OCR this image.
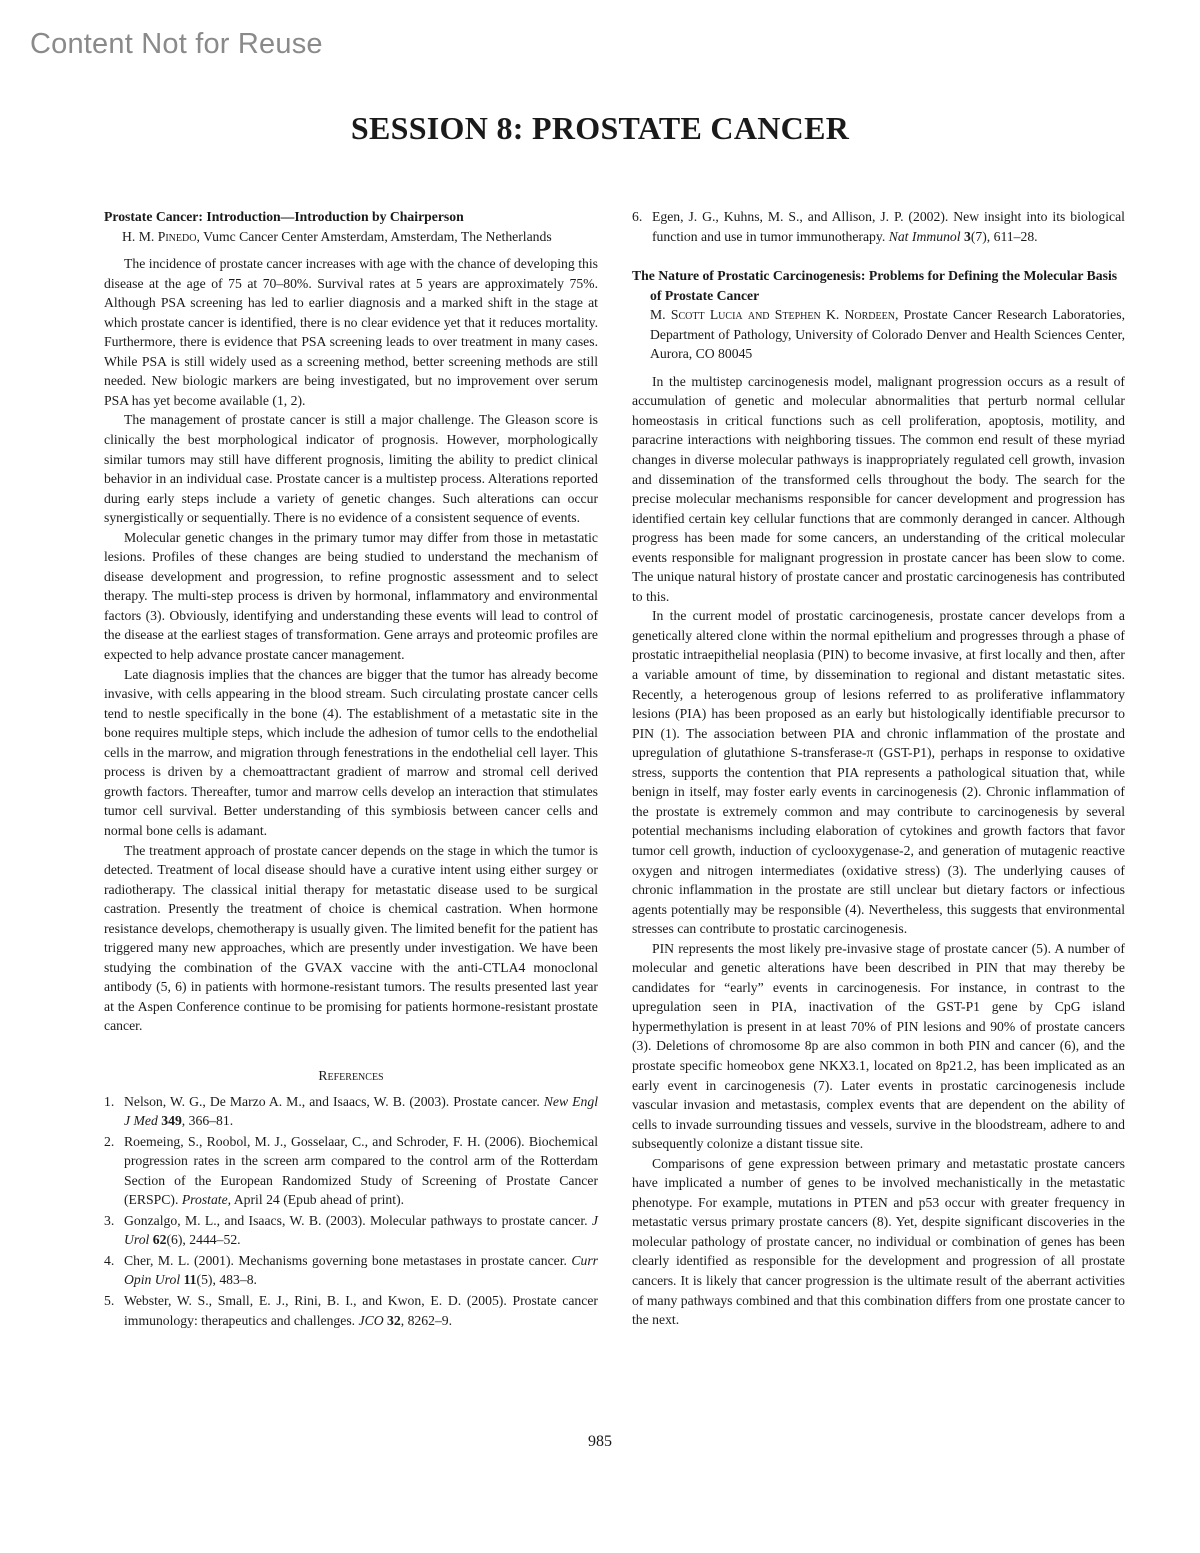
Content Not for Reuse
SESSION 8: PROSTATE CANCER
Prostate Cancer: Introduction—Introduction by Chairperson
H. M. Pinedo, Vumc Cancer Center Amsterdam, Amsterdam, The Netherlands

The incidence of prostate cancer increases with age with the chance of developing this disease at the age of 75 at 70–80%. Survival rates at 5 years are approximately 75%. Although PSA screening has led to earlier diagnosis and a marked shift in the stage at which prostate cancer is identified, there is no clear evidence yet that it reduces mortality. Furthermore, there is evidence that PSA screening leads to over treatment in many cases. While PSA is still widely used as a screening method, better screening methods are still needed. New biologic markers are being investigated, but no improvement over serum PSA has yet become available (1, 2).

The management of prostate cancer is still a major challenge. The Gleason score is clinically the best morphological indicator of prognosis. However, morphologically similar tumors may still have different prognosis, limiting the ability to predict clinical behavior in an individual case. Prostate cancer is a multistep process. Alterations reported during early steps include a variety of genetic changes. Such alterations can occur synergistically or sequentially. There is no evidence of a consistent sequence of events.

Molecular genetic changes in the primary tumor may differ from those in metastatic lesions. Profiles of these changes are being studied to understand the mechanism of disease development and progression, to refine prognostic assessment and to select therapy. The multi-step process is driven by hormonal, inflammatory and environmental factors (3). Obviously, identifying and understanding these events will lead to control of the disease at the earliest stages of transformation. Gene arrays and proteomic profiles are expected to help advance prostate cancer management.

Late diagnosis implies that the chances are bigger that the tumor has already become invasive, with cells appearing in the blood stream. Such circulating prostate cancer cells tend to nestle specifically in the bone (4). The establishment of a metastatic site in the bone requires multiple steps, which include the adhesion of tumor cells to the endothelial cells in the marrow, and migration through fenestrations in the endothelial cell layer. This process is driven by a chemoattractant gradient of marrow and stromal cell derived growth factors. Thereafter, tumor and marrow cells develop an interaction that stimulates tumor cell survival. Better understanding of this symbiosis between cancer cells and normal bone cells is adamant.

The treatment approach of prostate cancer depends on the stage in which the tumor is detected. Treatment of local disease should have a curative intent using either surgey or radiotherapy. The classical initial therapy for metastatic disease used to be surgical castration. Presently the treatment of choice is chemical castration. When hormone resistance develops, chemotherapy is usually given. The limited benefit for the patient has triggered many new approaches, which are presently under investigation. We have been studying the combination of the GVAX vaccine with the anti-CTLA4 monoclonal antibody (5, 6) in patients with hormone-resistant tumors. The results presented last year at the Aspen Conference continue to be promising for patients hormone-resistant prostate cancer.

References
1. Nelson, W. G., De Marzo A. M., and Isaacs, W. B. (2003). Prostate cancer. New Engl J Med 349, 366–81.
2. Roemeing, S., Roobol, M. J., Gosselaar, C., and Schroder, F. H. (2006). Biochemical progression rates in the screen arm compared to the control arm of the Rotterdam Section of the European Randomized Study of Screening of Prostate Cancer (ERSPC). Prostate, April 24 (Epub ahead of print).
3. Gonzalgo, M. L., and Isaacs, W. B. (2003). Molecular pathways to prostate cancer. J Urol 62(6), 2444–52.
4. Cher, M. L. (2001). Mechanisms governing bone metastases in prostate cancer. Curr Opin Urol 11(5), 483–8.
5. Webster, W. S., Small, E. J., Rini, B. I., and Kwon, E. D. (2005). Prostate cancer immunology: therapeutics and challenges. JCO 32, 8262–9.
6. Egen, J. G., Kuhns, M. S., and Allison, J. P. (2002). New insight into its biological function and use in tumor immunotherapy. Nat Immunol 3(7), 611–28.
The Nature of Prostatic Carcinogenesis: Problems for Defining the Molecular Basis of Prostate Cancer
M. Scott Lucia and Stephen K. Nordeen, Prostate Cancer Research Laboratories, Department of Pathology, University of Colorado Denver and Health Sciences Center, Aurora, CO 80045

In the multistep carcinogenesis model, malignant progression occurs as a result of accumulation of genetic and molecular abnormalities that perturb normal cellular homeostasis in critical functions such as cell proliferation, apoptosis, motility, and paracrine interactions with neighboring tissues. The common end result of these myriad changes in diverse molecular pathways is inappropriately regulated cell growth, invasion and dissemination of the transformed cells throughout the body. The search for the precise molecular mechanisms responsible for cancer development and progression has identified certain key cellular functions that are commonly deranged in cancer. Although progress has been made for some cancers, an understanding of the critical molecular events responsible for malignant progression in prostate cancer has been slow to come. The unique natural history of prostate cancer and prostatic carcinogenesis has contributed to this.

In the current model of prostatic carcinogenesis, prostate cancer develops from a genetically altered clone within the normal epithelium and progresses through a phase of prostatic intraepithelial neoplasia (PIN) to become invasive, at first locally and then, after a variable amount of time, by dissemination to regional and distant metastatic sites. Recently, a heterogenous group of lesions referred to as proliferative inflammatory lesions (PIA) has been proposed as an early but histologically identifiable precursor to PIN (1). The association between PIA and chronic inflammation of the prostate and upregulation of glutathione S-transferase-π (GST-P1), perhaps in response to oxidative stress, supports the contention that PIA represents a pathological situation that, while benign in itself, may foster early events in carcinogenesis (2). Chronic inflammation of the prostate is extremely common and may contribute to carcinogenesis by several potential mechanisms including elaboration of cytokines and growth factors that favor tumor cell growth, induction of cyclooxygenase-2, and generation of mutagenic reactive oxygen and nitrogen intermediates (oxidative stress) (3). The underlying causes of chronic inflammation in the prostate are still unclear but dietary factors or infectious agents potentially may be responsible (4). Nevertheless, this suggests that environmental stresses can contribute to prostatic carcinogenesis.

PIN represents the most likely pre-invasive stage of prostate cancer (5). A number of molecular and genetic alterations have been described in PIN that may thereby be candidates for “early” events in carcinogenesis. For instance, in contrast to the upregulation seen in PIA, inactivation of the GST-P1 gene by CpG island hypermethylation is present in at least 70% of PIN lesions and 90% of prostate cancers (3). Deletions of chromosome 8p are also common in both PIN and cancer (6), and the prostate specific homeobox gene NKX3.1, located on 8p21.2, has been implicated as an early event in carcinogenesis (7). Later events in prostatic carcinogenesis include vascular invasion and metastasis, complex events that are dependent on the ability of cells to invade surrounding tissues and vessels, survive in the bloodstream, adhere to and subsequently colonize a distant tissue site.

Comparisons of gene expression between primary and metastatic prostate cancers have implicated a number of genes to be involved mechanistically in the metastatic phenotype. For example, mutations in PTEN and p53 occur with greater frequency in metastatic versus primary prostate cancers (8). Yet, despite significant discoveries in the molecular pathology of prostate cancer, no individual or combination of genes has been clearly identified as responsible for the development and progression of all prostate cancers. It is likely that cancer progression is the ultimate result of the aberrant activities of many pathways combined and that this combination differs from one prostate cancer to the next.

985
